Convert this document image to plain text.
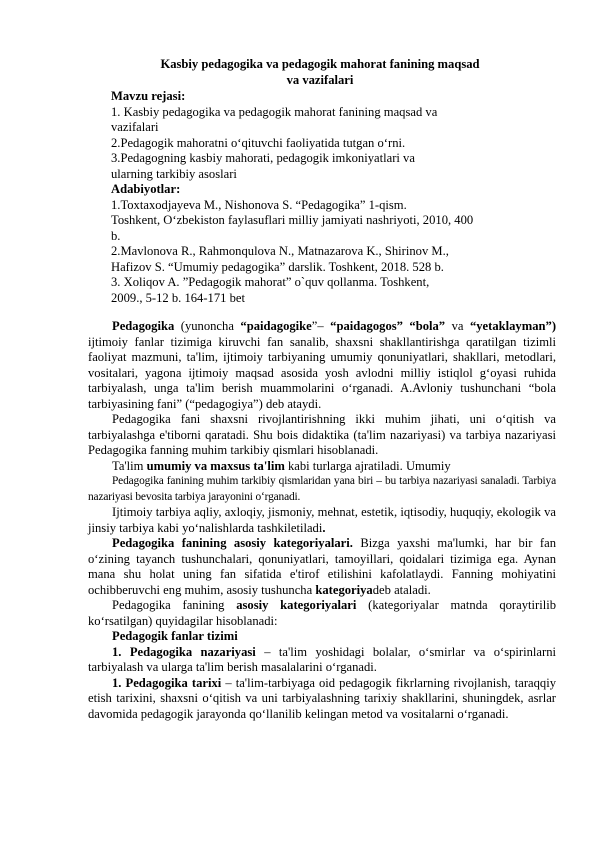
Kasbiy pedagogika va pedagogik mahorat fanining maqsad
va vazifalari
Mavzu rejasi:
1. Kasbiy pedagogika va pedagogik mahorat fanining maqsad va
vazifalari
2.Pedagogik mahoratni o‘qituvchi faoliyatida tutgan o‘rni.
3.Pedagogning kasbiy mahorati, pedagogik imkoniyatlari va
ularning tarkibiy asoslari
Adabiyotlar:
1.Toxtaxodjayeva M., Nishonova S. “Pedagogika” 1-qism.
Toshkent, O‘zbekiston faylasuflari milliy jamiyati nashriyoti, 2010, 400
b.
2.Mavlonova R., Rahmonqulova N., Matnazarova K., Shirinov M.,
Hafizov S. “Umumiy pedagogika” darslik. Toshkent, 2018. 528 b.
3. Xoliqov A. ”Pedagogik mahorat” o`quv qollanma. Toshkent,
2009., 5-12 b. 164-171 bet

Pedagogika (yunoncha “paidagogike”– “paidagogos” “bola” va “yetaklayman”) ijtimoiy fanlar tizimiga kiruvchi fan sanalib, shaxsni shakllantirishga qaratilgan tizimli faoliyat mazmuni, ta'lim, ijtimoiy tarbiyaning umumiy qonuniyatlari, shakllari, metodlari, vositalari, yagona ijtimoiy maqsad asosida yosh avlodni milliy istiqlol g‘oyasi ruhida tarbiyalash, unga ta'lim berish muammolarini o‘rganadi. A.Avloniy tushunchani “bola tarbiyasining fani” (“pedagogiya”) deb ataydi.

Pedagogika fani shaxsni rivojlantirishning ikki muhim jihati, uni o‘qitish va tarbiyalashga e'tiborni qaratadi. Shu bois didaktika (ta'lim nazariyasi) va tarbiya nazariyasi Pedagogika fanning muhim tarkibiy qismlari hisoblanadi.

Ta'lim umumiy va maxsus ta'lim kabi turlarga ajratiladi. Umumiy

Pedagogika fanining muhim tarkibiy qismlaridan yana biri – bu tarbiya nazariyasi sanaladi. Tarbiya nazariyasi bevosita tarbiya jarayonini o‘rganadi.

Ijtimoiy tarbiya aqliy, axloqiy, jismoniy, mehnat, estetik, iqtisodiy, huquqiy, ekologik va jinsiy tarbiya kabi yo‘nalishlarda tashkiletiladi.

Pedagogika fanining asosiy kategoriyalari. Bizga yaxshi ma'lumki, har bir fan o‘zining tayanch tushunchalari, qonuniyatlari, tamoyillari, qoidalari tizimiga ega. Aynan mana shu holat uning fan sifatida e'tirof etilishini kafolatlaydi. Fanning mohiyatini ochibberuvchi eng muhim, asosiy tushuncha kategoriyadeb ataladi.

Pedagogika fanining asosiy kategoriyalari (kategoriyalar matnda qoraytirilib ko‘rsatilgan) quyidagilar hisoblanadi:

Pedagogik fanlar tizimi

1. Pedagogika nazariyasi – ta'lim yoshidagi bolalar, o‘smirlar va o‘spirinlarni tarbiyalash va ularga ta'lim berish masalalarini o‘rganadi.

1. Pedagogika tarixi – ta'lim-tarbiyaga oid pedagogik fikrlarning rivojlanish, taraqqiy etish tarixini, shaxsni o‘qitish va uni tarbiyalashning tarixiy shakllarini, shuningdek, asrlar davomida pedagogik jarayonda qo‘llanilib kelingan metod va vositalarni o‘rganadi.
